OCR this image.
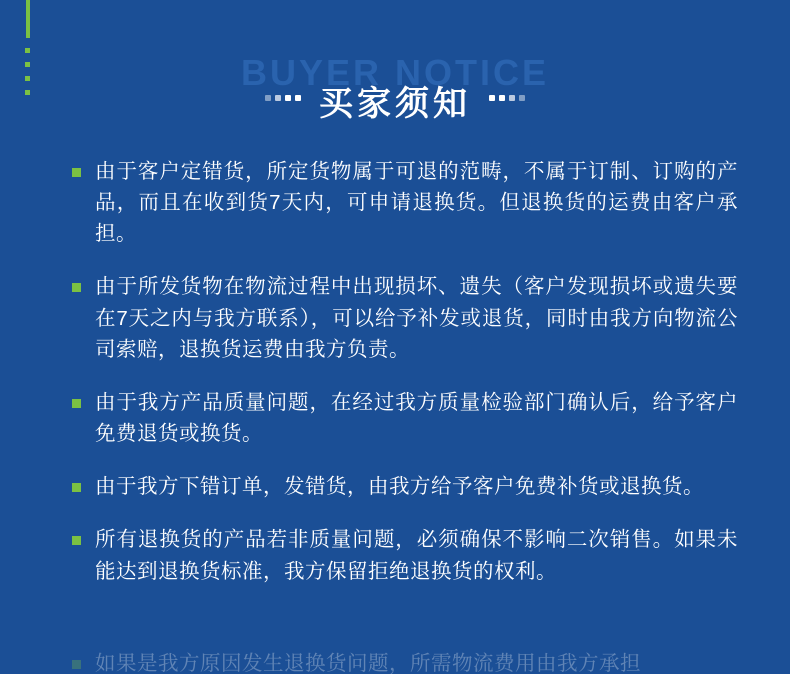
BUYER NOTICE
买家须知
由于客户定错货，所定货物属于可退的范畴，不属于订制、订购的产品，而且在收到货7天内，可申请退换货。但退换货的运费由客户承担。
由于所发货物在物流过程中出现损坏、遗失（客户发现损坏或遗失要在7天之内与我方联系），可以给予补发或退货，同时由我方向物流公司索赔，退换货运费由我方负责。
由于我方产品质量问题，在经过我方质量检验部门确认后，给予客户免费退货或换货。
由于我方下错订单，发错货，由我方给予客户免费补货或退换货。
所有退换货的产品若非质量问题，必须确保不影响二次销售。如果未能达到退换货标准，我方保留拒绝退换货的权利。
如果是我方原因发生退换货问题，所需物流费用由我方承担
